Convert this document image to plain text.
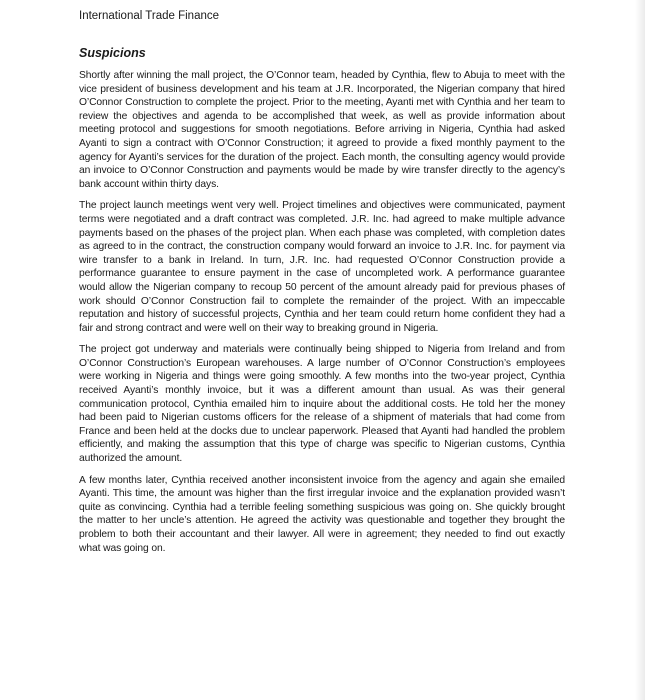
International Trade Finance
Suspicions

Shortly after winning the mall project, the O’Connor team, headed by Cynthia, flew to Abuja to meet with the vice president of business development and his team at J.R. Incorporated, the Nigerian company that hired O’Connor Construction to complete the project. Prior to the meeting, Ayanti met with Cynthia and her team to review the objectives and agenda to be accomplished that week, as well as provide information about meeting protocol and suggestions for smooth negotiations. Before arriving in Nigeria, Cynthia had asked Ayanti to sign a contract with O’Connor Construction; it agreed to provide a fixed monthly payment to the agency for Ayanti’s services for the duration of the project. Each month, the consulting agency would provide an invoice to O’Connor Construction and payments would be made by wire transfer directly to the agency’s bank account within thirty days.

The project launch meetings went very well. Project timelines and objectives were communicated, payment terms were negotiated and a draft contract was completed. J.R. Inc. had agreed to make multiple advance payments based on the phases of the project plan. When each phase was completed, with completion dates as agreed to in the contract, the construction company would forward an invoice to J.R. Inc. for payment via wire transfer to a bank in Ireland. In turn, J.R. Inc. had requested O’Connor Construction provide a performance guarantee to ensure payment in the case of uncompleted work. A performance guarantee would allow the Nigerian company to recoup 50 percent of the amount already paid for previous phases of work should O’Connor Construction fail to complete the remainder of the project. With an impeccable reputation and history of successful projects, Cynthia and her team could return home confident they had a fair and strong contract and were well on their way to breaking ground in Nigeria.

The project got underway and materials were continually being shipped to Nigeria from Ireland and from O’Connor Construction’s European warehouses. A large number of O’Connor Construction’s employees were working in Nigeria and things were going smoothly. A few months into the two-year project, Cynthia received Ayanti’s monthly invoice, but it was a different amount than usual. As was their general communication protocol, Cynthia emailed him to inquire about the additional costs. He told her the money had been paid to Nigerian customs officers for the release of a shipment of materials that had come from France and been held at the docks due to unclear paperwork. Pleased that Ayanti had handled the problem efficiently, and making the assumption that this type of charge was specific to Nigerian customs, Cynthia authorized the amount.

A few months later, Cynthia received another inconsistent invoice from the agency and again she emailed Ayanti. This time, the amount was higher than the first irregular invoice and the explanation provided wasn’t quite as convincing. Cynthia had a terrible feeling something suspicious was going on. She quickly brought the matter to her uncle’s attention. He agreed the activity was questionable and together they brought the problem to both their accountant and their lawyer. All were in agreement; they needed to find out exactly what was going on.
